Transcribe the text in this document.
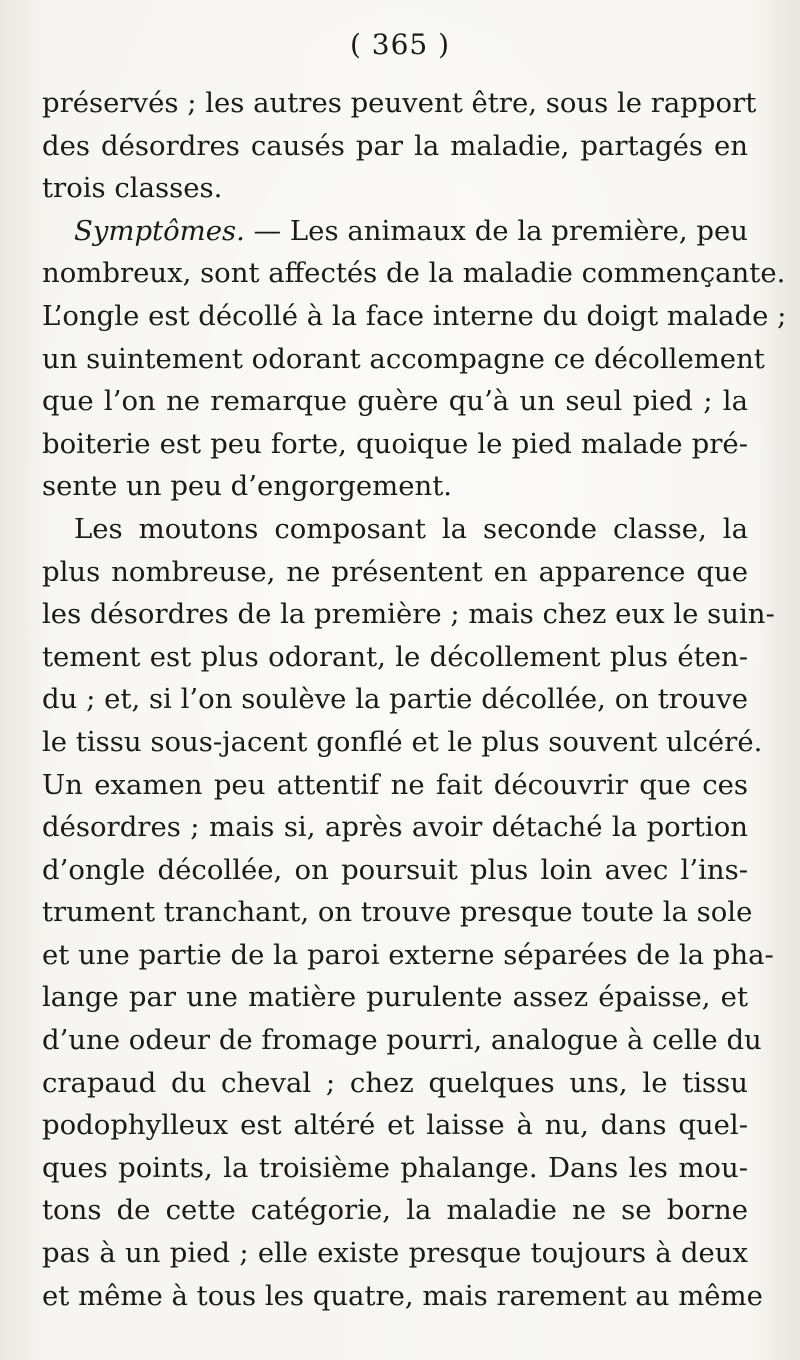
( 365 )
préservés ; les autres peuvent être, sous le rapport
des désordres causés par la maladie, partagés en
trois classes.
Symptômes. — Les animaux de la première, peu
nombreux, sont affectés de la maladie commençante.
L’ongle est décollé à la face interne du doigt malade ;
un suintement odorant accompagne ce décollement
que l’on ne remarque guère qu’à un seul pied ; la
boiterie est peu forte, quoique le pied malade pré-
sente un peu d’engorgement.
Les moutons composant la seconde classe, la
plus nombreuse, ne présentent en apparence que
les désordres de la première ; mais chez eux le suin-
tement est plus odorant, le décollement plus éten-
du ; et, si l’on soulève la partie décollée, on trouve
le tissu sous-jacent gonflé et le plus souvent ulcéré.
Un examen peu attentif ne fait découvrir que ces
désordres ; mais si, après avoir détaché la portion
d’ongle décollée, on poursuit plus loin avec l’ins-
trument tranchant, on trouve presque toute la sole
et une partie de la paroi externe séparées de la pha-
lange par une matière purulente assez épaisse, et
d’une odeur de fromage pourri, analogue à celle du
crapaud du cheval ; chez quelques uns, le tissu
podophylleux est altéré et laisse à nu, dans quel-
ques points, la troisième phalange. Dans les mou-
tons de cette catégorie, la maladie ne se borne
pas à un pied ; elle existe presque toujours à deux
et même à tous les quatre, mais rarement au même
